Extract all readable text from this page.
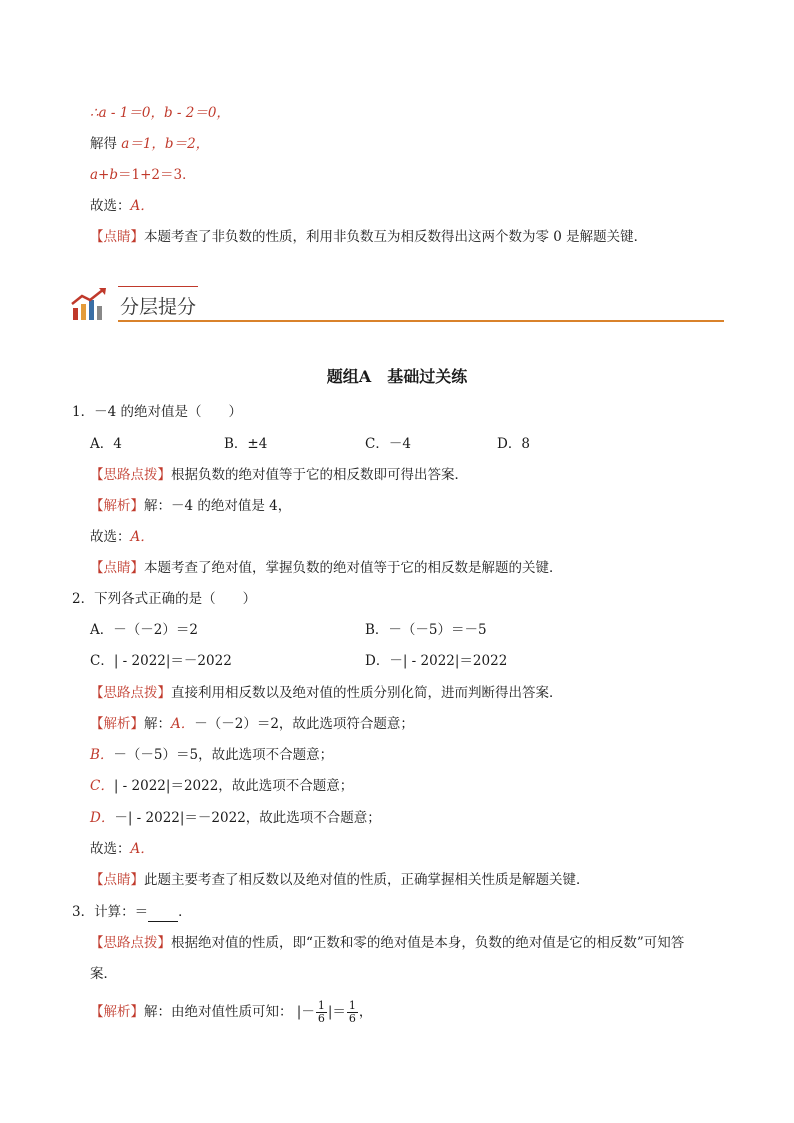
∴a - 1＝0，b - 2＝0，
解得 a＝1，b＝2，
a+b＝1+2＝3．
故选：A．
【点睛】本题考查了非负数的性质，利用非负数互为相反数得出这两个数为零 0 是解题关键．
分层提分
题组A　基础过关练
1．－4 的绝对值是（　　）
A．4	B．±4	C．－4	D．8
【思路点拨】根据负数的绝对值等于它的相反数即可得出答案．
【解析】解：－4 的绝对值是 4，
故选：A．
【点睛】本题考查了绝对值，掌握负数的绝对值等于它的相反数是解题的关键．
2．下列各式正确的是（　　）
A．－（－2）＝2	B．－（－5）＝－5
C．| - 2022|＝－2022	D．－| - 2022|＝2022
【思路点拨】直接利用相反数以及绝对值的性质分别化简，进而判断得出答案．
【解析】解：A．－（－2）＝2，故此选项符合题意；
B．－（－5）＝5，故此选项不合题意；
C．| - 2022|＝2022，故此选项不合题意；
D．－| - 2022|＝－2022，故此选项不合题意；
故选：A．
【点睛】此题主要考查了相反数以及绝对值的性质，正确掌握相关性质是解题关键．
3．计算：＝ ．
【思路点拨】根据绝对值的性质，即“正数和零的绝对值是本身，负数的绝对值是它的相反数”可知答
案．
【解析】解：由绝对值性质可知： |－ $\frac{1}{6}$ |＝ $\frac{1}{6}$ ，
